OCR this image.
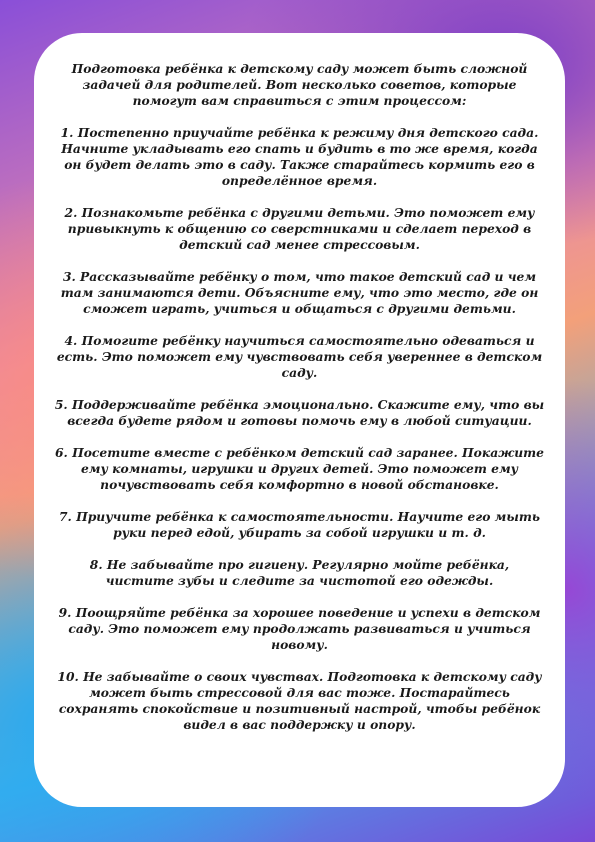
Подготовка ребёнка к детскому саду может быть сложной задачей для родителей. Вот несколько советов, которые помогут вам справиться с этим процессом:

1. Постепенно приучайте ребёнка к режиму дня детского сада. Начните укладывать его спать и будить в то же время, когда он будет делать это в саду. Также старайтесь кормить его в определённое время.

2. Познакомьте ребёнка с другими детьми. Это поможет ему привыкнуть к общению со сверстниками и сделает переход в детский сад менее стрессовым.

3. Рассказывайте ребёнку о том, что такое детский сад и чем там занимаются дети. Объясните ему, что это место, где он сможет играть, учиться и общаться с другими детьми.

4. Помогите ребёнку научиться самостоятельно одеваться и есть. Это поможет ему чувствовать себя увереннее в детском саду.

5. Поддерживайте ребёнка эмоционально. Скажите ему, что вы всегда будете рядом и готовы помочь ему в любой ситуации.

6. Посетите вместе с ребёнком детский сад заранее. Покажите ему комнаты, игрушки и других детей. Это поможет ему почувствовать себя комфортно в новой обстановке.

7. Приучите ребёнка к самостоятельности. Научите его мыть руки перед едой, убирать за собой игрушки и т. д.

8. Не забывайте про гигиену. Регулярно мойте ребёнка, чистите зубы и следите за чистотой его одежды.

9. Поощряйте ребёнка за хорошее поведение и успехи в детском саду. Это поможет ему продолжать развиваться и учиться новому.

10. Не забывайте о своих чувствах. Подготовка к детскому саду может быть стрессовой для вас тоже. Постарайтесь сохранять спокойствие и позитивный настрой, чтобы ребёнок видел в вас поддержку и опору.
